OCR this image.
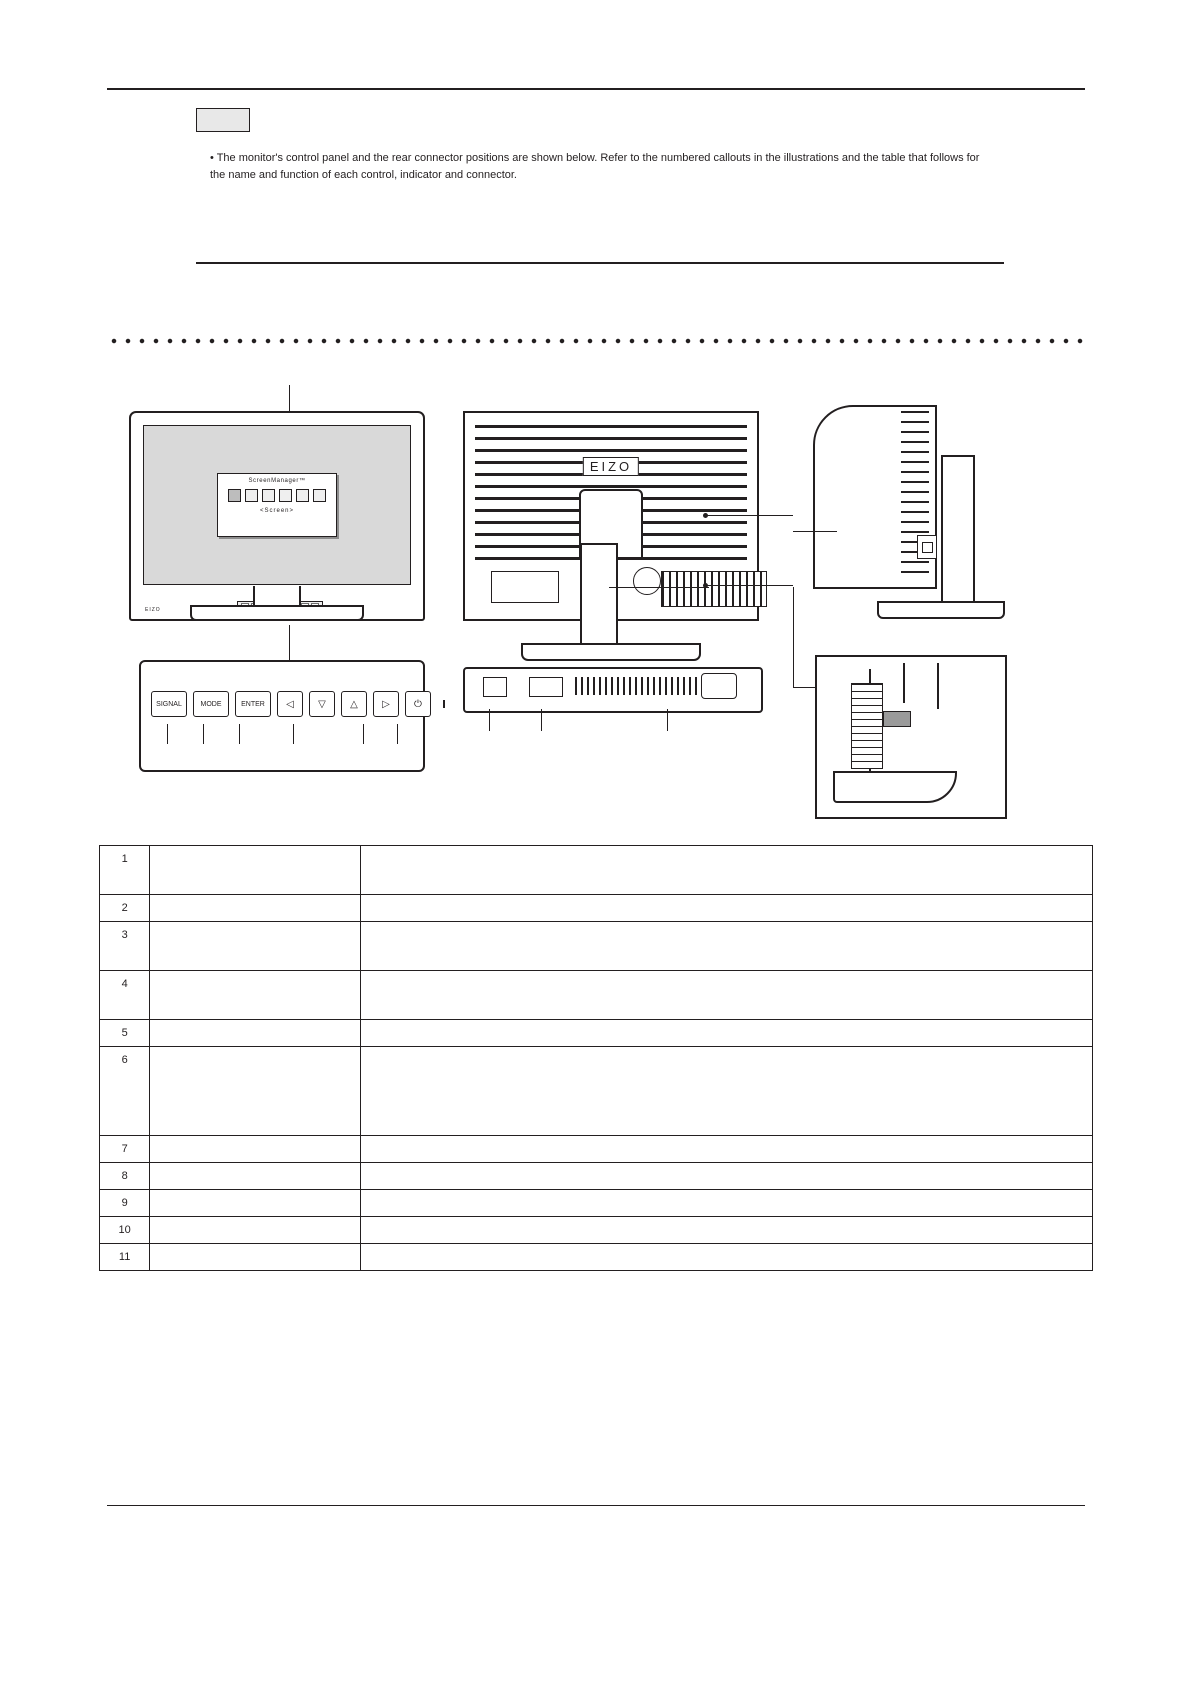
• The monitor's control panel and the rear connector positions are shown below. Refer to the numbered callouts in the illustrations and the table that follows for the name and function of each control, indicator and connector.
ScreenManager™
<Screen>
EIZO
SIGNAL	MODE	ENTER ◁ ▽ △ ▷ ⏻
EIZO
1		
2		
3		
4		
5		
6		
7		
8		
9		
10		
11		
